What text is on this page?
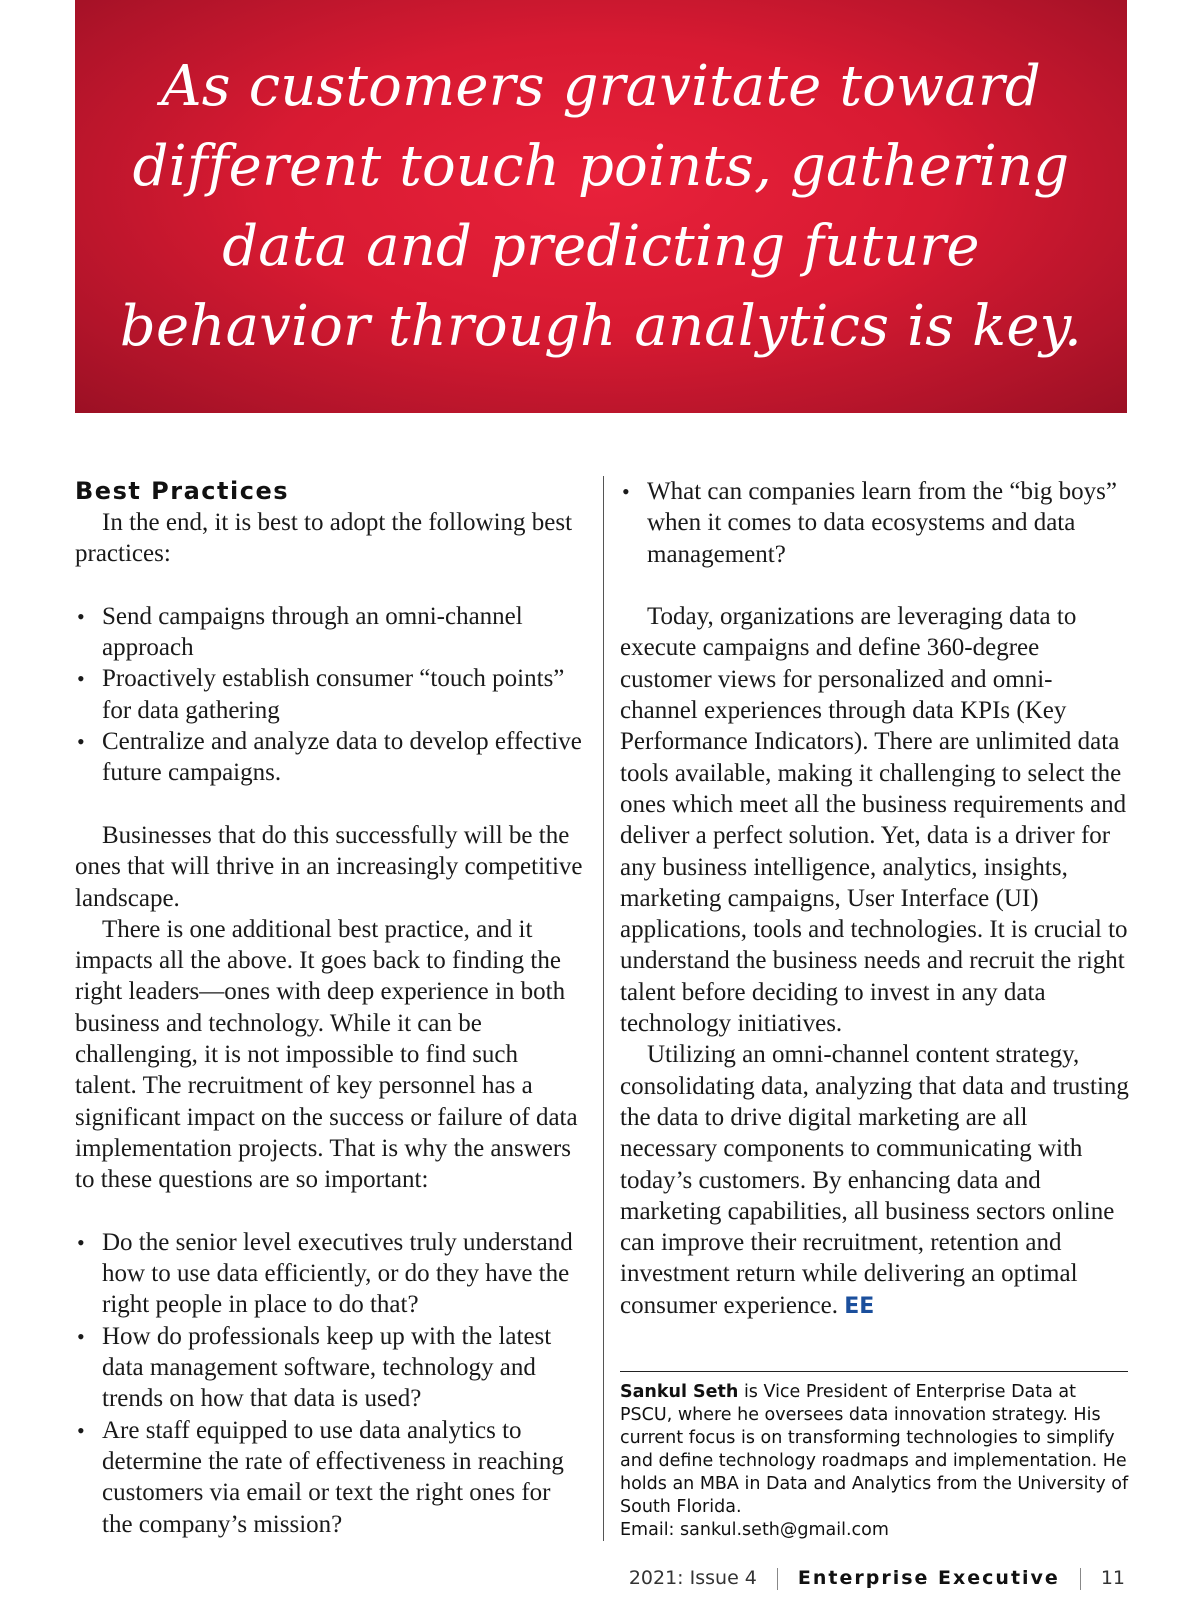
As customers gravitate toward different touch points, gathering data and predicting future behavior through analytics is key.

Best Practices

In the end, it is best to adopt the following best practices:

• Send campaigns through an omni-channel approach
• Proactively establish consumer “touch points” for data gathering
• Centralize and analyze data to develop effective future campaigns.

Businesses that do this successfully will be the ones that will thrive in an increasingly competitive landscape.

There is one additional best practice, and it impacts all the above. It goes back to finding the right leaders—ones with deep experience in both business and technology. While it can be challenging, it is not impossible to find such talent. The recruitment of key personnel has a significant impact on the success or failure of data implementation projects. That is why the answers to these questions are so important:

• Do the senior level executives truly understand how to use data efficiently, or do they have the right people in place to do that?
• How do professionals keep up with the latest data management software, technology and trends on how that data is used?
• Are staff equipped to use data analytics to determine the rate of effectiveness in reaching customers via email or text the right ones for the company’s mission?
• What can companies learn from the “big boys” when it comes to data ecosystems and data management?

Today, organizations are leveraging data to execute campaigns and define 360-degree customer views for personalized and omni-channel experiences through data KPIs (Key Performance Indicators). There are unlimited data tools available, making it challenging to select the ones which meet all the business requirements and deliver a perfect solution. Yet, data is a driver for any business intelligence, analytics, insights, marketing campaigns, User Interface (UI) applications, tools and technologies. It is crucial to understand the business needs and recruit the right talent before deciding to invest in any data technology initiatives.

Utilizing an omni-channel content strategy, consolidating data, analyzing that data and trusting the data to drive digital marketing are all necessary components to communicating with today’s customers. By enhancing data and marketing capabilities, all business sectors online can improve their recruitment, retention and investment return while delivering an optimal consumer experience. EE

Sankul Seth is Vice President of Enterprise Data at PSCU, where he oversees data innovation strategy. His current focus is on transforming technologies to simplify and define technology roadmaps and implementation. He holds an MBA in Data and Analytics from the University of South Florida.
Email: sankul.seth@gmail.com
2021: Issue 4 Enterprise Executive 11
